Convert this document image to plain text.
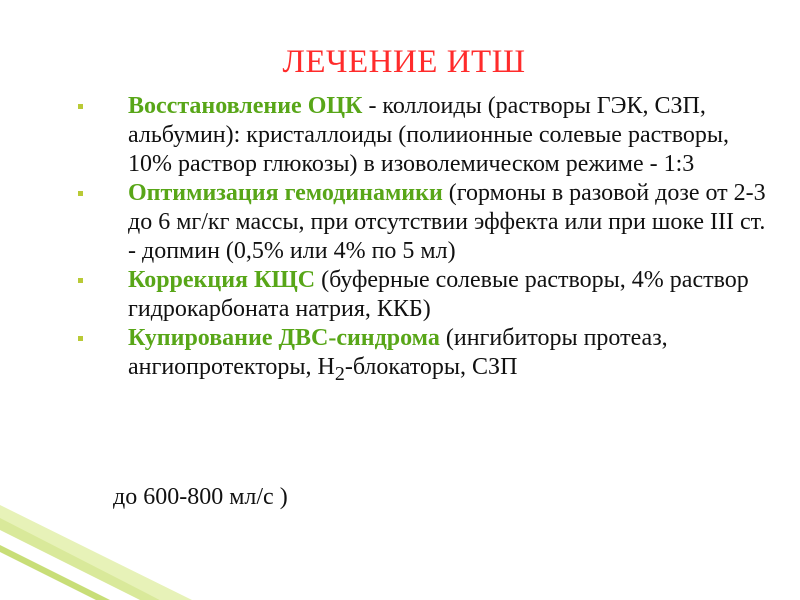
ЛЕЧЕНИЕ ИТШ
Восстановление ОЦК - коллоиды (растворы ГЭК, СЗП, альбумин): кристаллоиды (полиионные солевые растворы, 10% раствор глюкозы) в изоволемическом режиме - 1:3
Оптимизация гемодинамики (гормоны в разовой дозе от 2-3 до 6 мг/кг массы, при отсутствии эффекта или при шоке III ст. - допмин (0,5% или 4% по 5 мл)
Коррекция КЩС (буферные солевые растворы, 4% раствор гидрокарбоната натрия, ККБ)
Купирование ДВС-синдрома (ингибиторы протеаз, ангиопротекторы, $Н_2$-блокаторы, СЗП
до 600-800 мл/с )
